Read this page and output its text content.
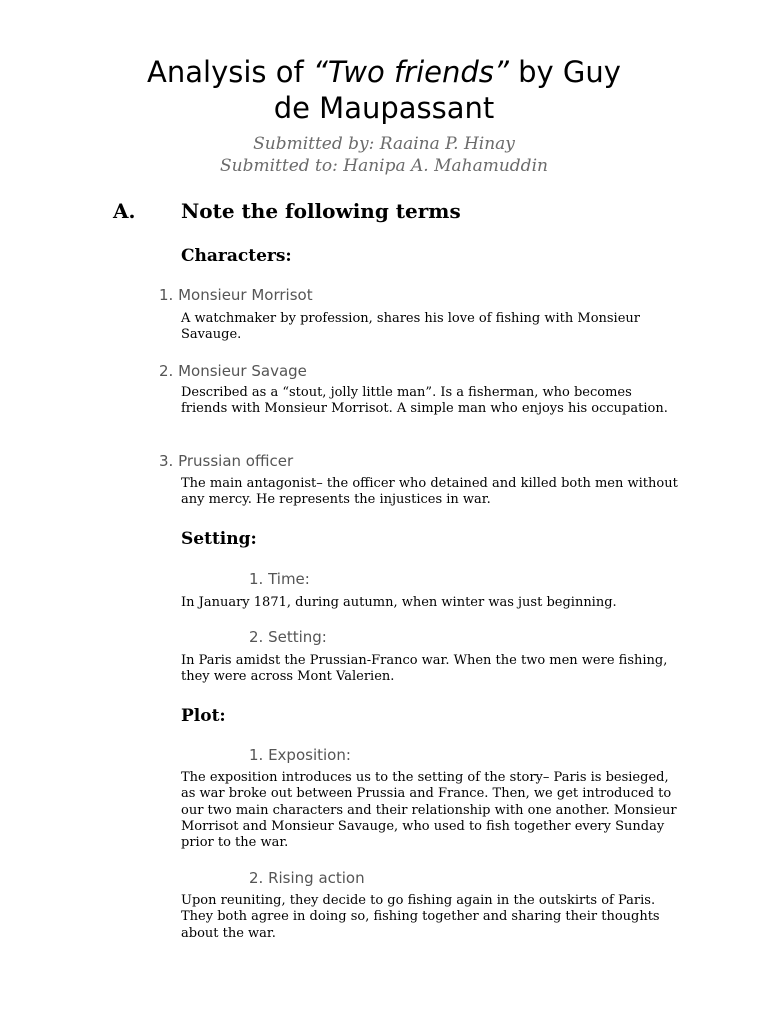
Analysis of “Two friends” by Guy
de Maupassant
Submitted by: Raaina P. Hinay
Submitted to: Hanipa A. Mahamuddin
A. Note the following terms
Characters:
1. Monsieur Morrisot
A watchmaker by profession, shares his love of fishing with Monsieur Savauge.
2. Monsieur Savage
Described as a “stout, jolly little man”. Is a fisherman, who becomes friends with Monsieur Morrisot. A simple man who enjoys his occupation.
3. Prussian officer
The main antagonist– the officer who detained and killed both men without any mercy. He represents the injustices in war.
Setting:
1. Time:
In January 1871, during autumn, when winter was just beginning.
2. Setting:
In Paris amidst the Prussian-Franco war. When the two men were fishing, they were across Mont Valerien.
Plot:
1. Exposition:
The exposition introduces us to the setting of the story– Paris is besieged, as war broke out between Prussia and France. Then, we get introduced to our two main characters and their relationship with one another. Monsieur Morrisot and Monsieur Savauge, who used to fish together every Sunday prior to the war.
2. Rising action
Upon reuniting, they decide to go fishing again in the outskirts of Paris. They both agree in doing so, fishing together and sharing their thoughts about the war.
